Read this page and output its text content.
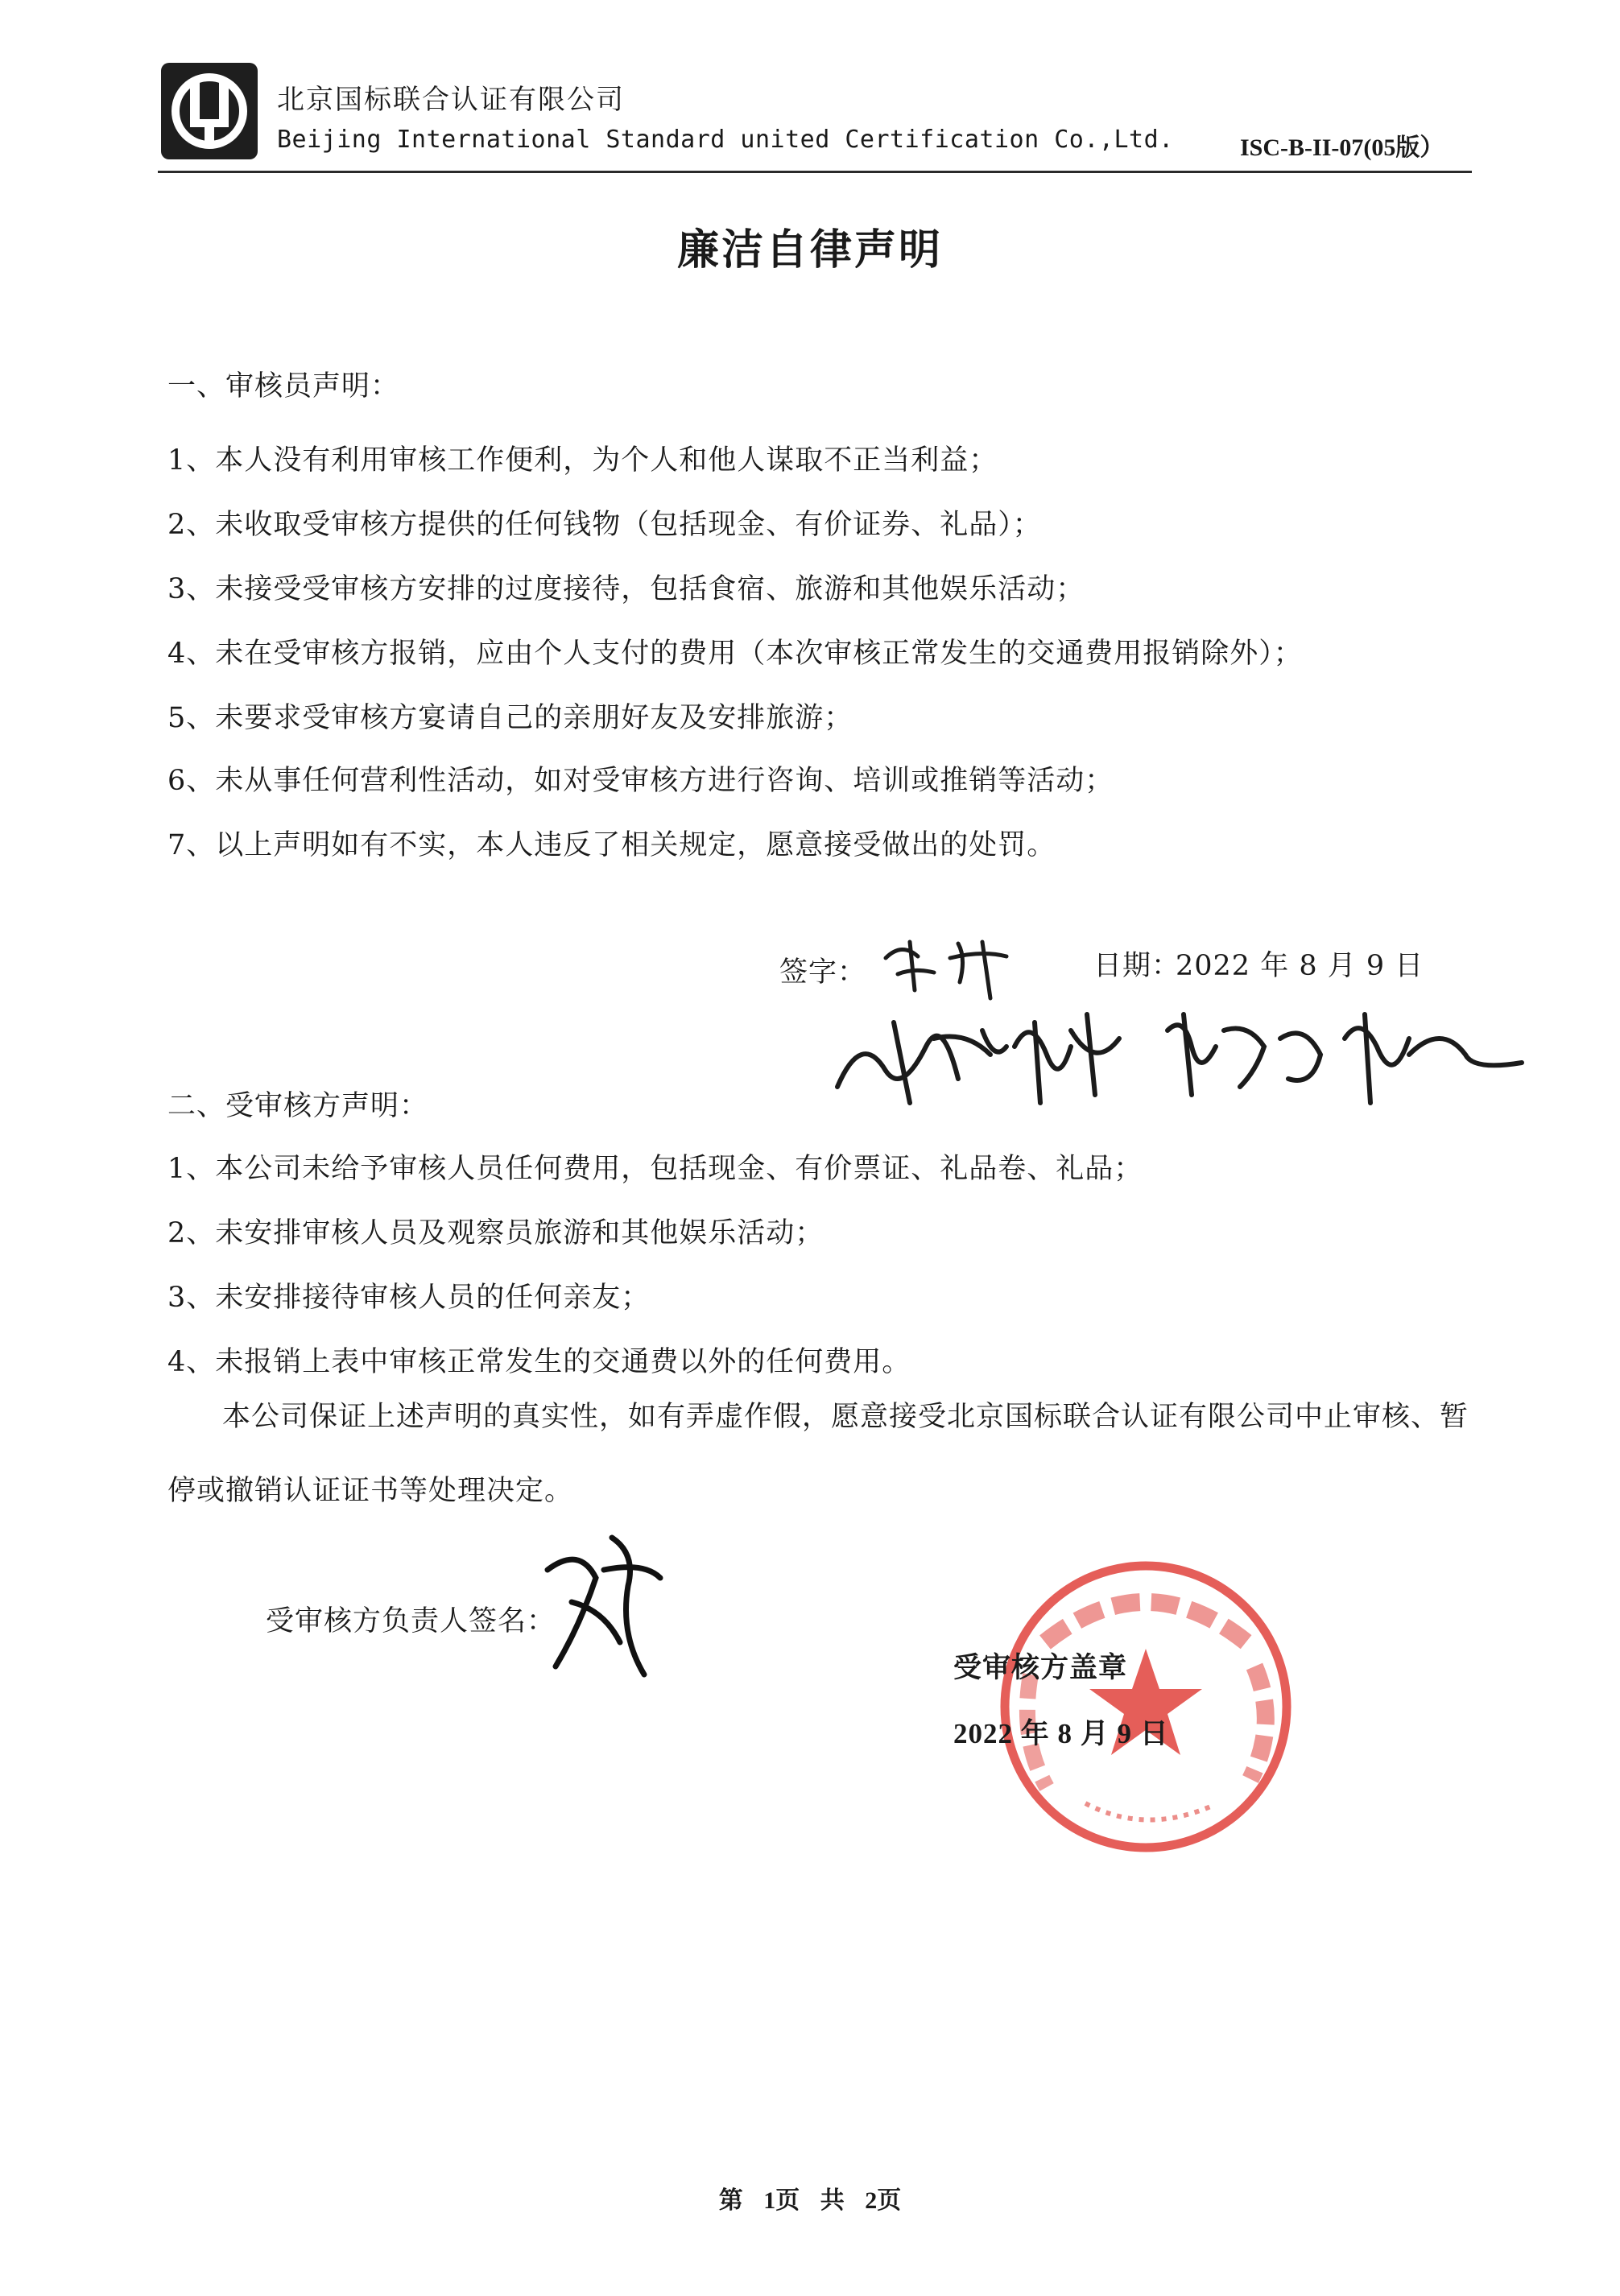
北京国标联合认证有限公司
Beijing International Standard united Certification Co.,Ltd.	ISC-B-II-07(05版）
廉洁自律声明
一、审核员声明：
1、本人没有利用审核工作便利，为个人和他人谋取不正当利益；
2、未收取受审核方提供的任何钱物（包括现金、有价证券、礼品）；
3、未接受受审核方安排的过度接待，包括食宿、旅游和其他娱乐活动；
4、未在受审核方报销，应由个人支付的费用（本次审核正常发生的交通费用报销除外）；
5、未要求受审核方宴请自己的亲朋好友及安排旅游；
6、未从事任何营利性活动，如对受审核方进行咨询、培训或推销等活动；
7、以上声明如有不实，本人违反了相关规定，愿意接受做出的处罚。
签字：	日期：
2022 年 8 月 9 日
二、受审核方声明：
1、本公司未给予审核人员任何费用，包括现金、有价票证、礼品卷、礼品；
2、未安排审核人员及观察员旅游和其他娱乐活动；
3、未安排接待审核人员的任何亲友；
4、未报销上表中审核正常发生的交通费以外的任何费用。
本公司保证上述声明的真实性，如有弄虚作假，愿意接受北京国标联合认证有限公司中止审核、暂
停或撤销认证证书等处理决定。
受审核方负责人签名：
受审核方盖章
2022 年 8 月 9 日
第 1页 共 2页
